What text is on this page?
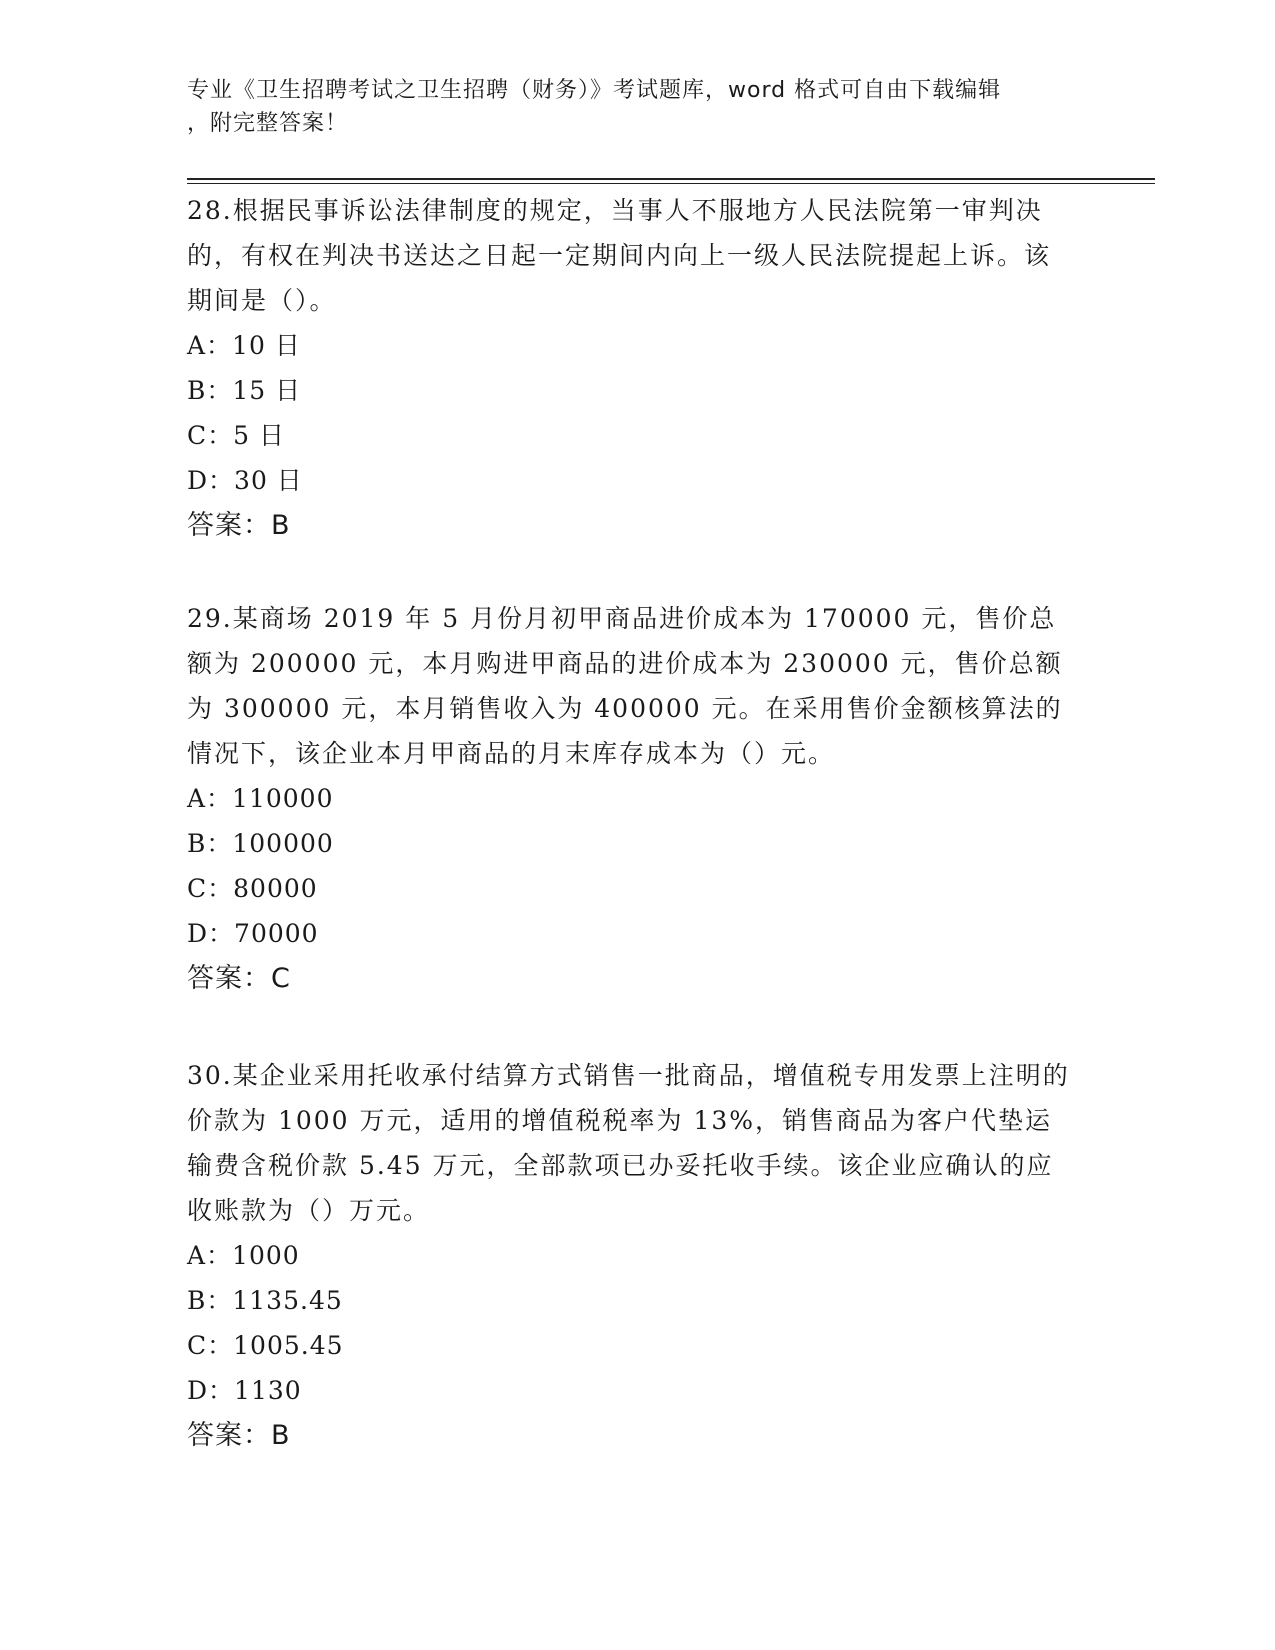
专业《卫生招聘考试之卫生招聘（财务）》考试题库，word 格式可自由下载编辑
，附完整答案！

28.根据民事诉讼法律制度的规定，当事人不服地方人民法院第一审判决的，有权在判决书送达之日起一定期间内向上一级人民法院提起上诉。该期间是（）。

A：10 日

B：15 日

C：5 日

D：30 日

答案：B

29.某商场 2019 年 5 月份月初甲商品进价成本为 170000 元，售价总额为 200000 元，本月购进甲商品的进价成本为 230000 元，售价总额为 300000 元，本月销售收入为 400000 元。在采用售价金额核算法的情况下，该企业本月甲商品的月末库存成本为（）元。

A：110000

B：100000

C：80000

D：70000

答案：C

30.某企业采用托收承付结算方式销售一批商品，增值税专用发票上注明的价款为 1000 万元，适用的增值税税率为 13%，销售商品为客户代垫运输费含税价款 5.45 万元，全部款项已办妥托收手续。该企业应确认的应收账款为（）万元。

A：1000

B：1135.45

C：1005.45

D：1130

答案：B
